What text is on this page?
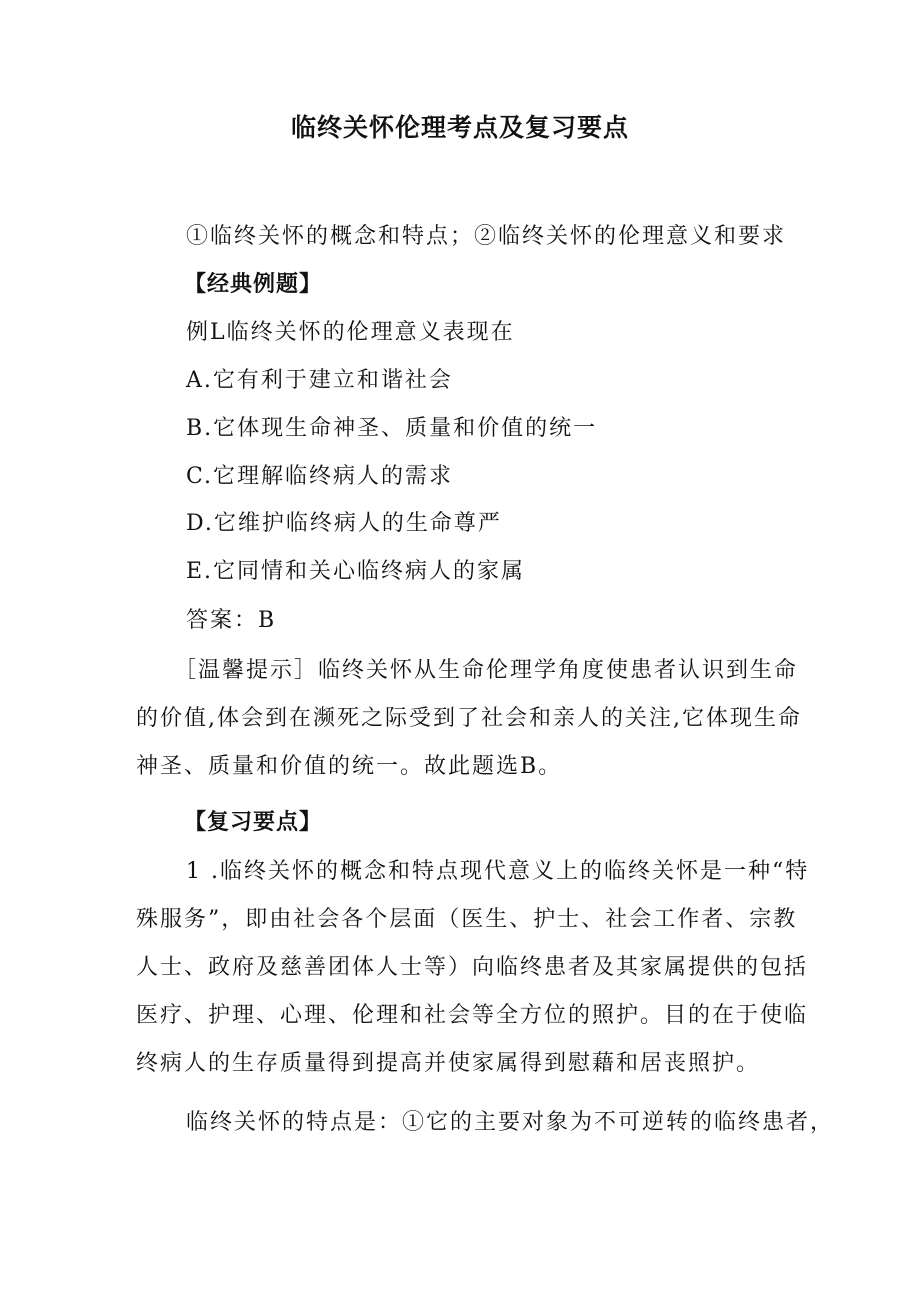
临终关怀伦理考点及复习要点

①临终关怀的概念和特点；②临终关怀的伦理意义和要求

【经典例题】

例L临终关怀的伦理意义表现在

A.它有利于建立和谐社会

B.它体现生命神圣、质量和价值的统一

C.它理解临终病人的需求

D.它维护临终病人的生命尊严

E.它同情和关心临终病人的家属

答案：B

［温馨提示］临终关怀从生命伦理学角度使患者认识到生命

的价值,体会到在濒死之际受到了社会和亲人的关注,它体现生命

神圣、质量和价值的统一。故此题选B。

【复习要点】

1 .临终关怀的概念和特点现代意义上的临终关怀是一种“特

殊服务”，即由社会各个层面（医生、护士、社会工作者、宗教

人士、政府及慈善团体人士等）向临终患者及其家属提供的包括

医疗、护理、心理、伦理和社会等全方位的照护。目的在于使临

终病人的生存质量得到提高并使家属得到慰藉和居丧照护。

临终关怀的特点是：①它的主要对象为不可逆转的临终患者，
